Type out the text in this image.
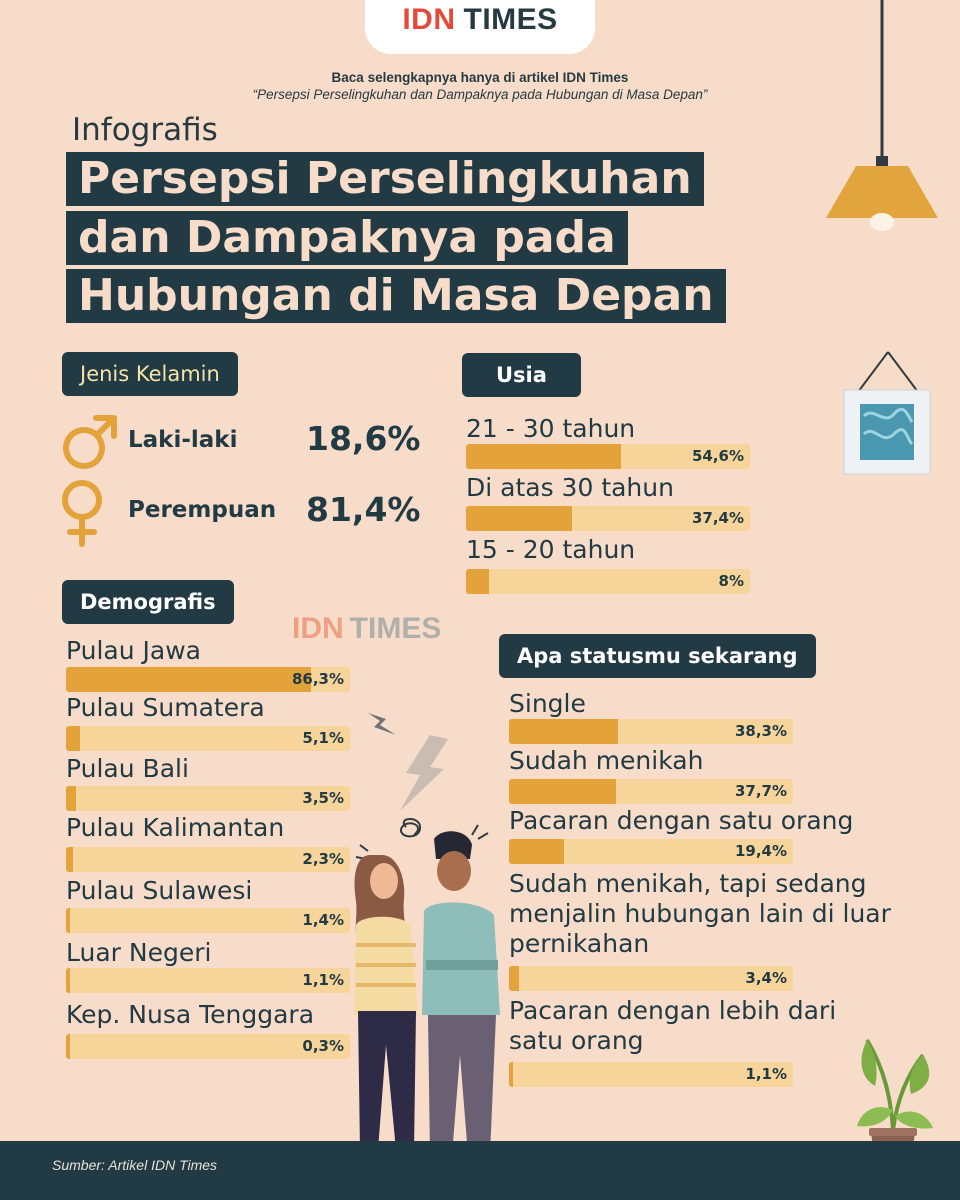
IDN TIMES
Baca selengkapnya hanya di artikel IDN Times
“Persepsi Perselingkuhan dan Dampaknya pada Hubungan di Masa Depan”
Infografis
Persepsi Perselingkuhan
dan Dampaknya pada
Hubungan di Masa Depan
Jenis Kelamin
Laki-laki 18,6%
Perempuan 81,4%
Usia
Demografis
IDN TIMES
Apa statusmu sekarang
Sumber: Artikel IDN Times
21 - 30 tahun
54,6%
Di atas 30 tahun
37,4%
15 - 20 tahun
8%
Pulau Jawa
86,3%
Pulau Sumatera
5,1%
Pulau Bali
3,5%
Pulau Kalimantan
2,3%
Pulau Sulawesi
1,4%
Luar Negeri
1,1%
Kep. Nusa Tenggara
0,3%
Single
38,3%
Sudah menikah
37,7%
Pacaran dengan satu orang
19,4%
Sudah menikah, tapi sedang
menjalin hubungan lain di luar
pernikahan
3,4%
Pacaran dengan lebih dari
satu orang
1,1%
